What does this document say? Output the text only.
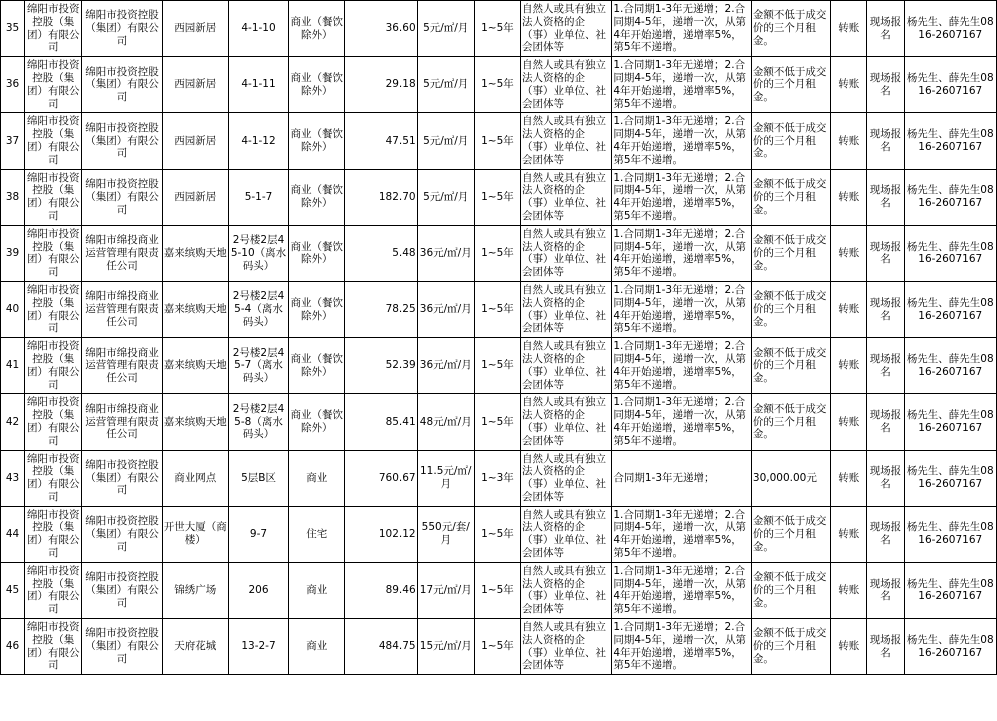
35	绵阳市投资控股（集团）有限公司	绵阳市投资控股（集团）有限公司	西园新居	4-1-10	商业（餐饮除外）	36.60	5元/㎡/月	1~5年	自然人或具有独立法人资格的企（事）业单位、社会团体等	1.合同期1-3年无递增；2.合同期4-5年，递增一次，从第4年开始递增，递增率5%，第5年不递增。	金额不低于成交价的三个月租金。	转账	现场报名	杨先生、薛先生0816-2607167
36	绵阳市投资控股（集团）有限公司	绵阳市投资控股（集团）有限公司	西园新居	4-1-11	商业（餐饮除外）	29.18	5元/㎡/月	1~5年	自然人或具有独立法人资格的企（事）业单位、社会团体等	1.合同期1-3年无递增；2.合同期4-5年，递增一次，从第4年开始递增，递增率5%，第5年不递增。	金额不低于成交价的三个月租金。	转账	现场报名	杨先生、薛先生0816-2607167
37	绵阳市投资控股（集团）有限公司	绵阳市投资控股（集团）有限公司	西园新居	4-1-12	商业（餐饮除外）	47.51	5元/㎡/月	1~5年	自然人或具有独立法人资格的企（事）业单位、社会团体等	1.合同期1-3年无递增；2.合同期4-5年，递增一次，从第4年开始递增，递增率5%，第5年不递增。	金额不低于成交价的三个月租金。	转账	现场报名	杨先生、薛先生0816-2607167
38	绵阳市投资控股（集团）有限公司	绵阳市投资控股（集团）有限公司	西园新居	5-1-7	商业（餐饮除外）	182.70	5元/㎡/月	1~5年	自然人或具有独立法人资格的企（事）业单位、社会团体等	1.合同期1-3年无递增；2.合同期4-5年，递增一次，从第4年开始递增，递增率5%，第5年不递增。	金额不低于成交价的三个月租金。	转账	现场报名	杨先生、薛先生0816-2607167
39	绵阳市投资控股（集团）有限公司	绵阳市绵投商业运营管理有限责任公司	嘉来缤购天地	2号楼2层45-10（离水码头）	商业（餐饮除外）	5.48	36元/㎡/月	1~5年	自然人或具有独立法人资格的企（事）业单位、社会团体等	1.合同期1-3年无递增；2.合同期4-5年，递增一次，从第4年开始递增，递增率5%，第5年不递增。	金额不低于成交价的三个月租金。	转账	现场报名	杨先生、薛先生0816-2607167
40	绵阳市投资控股（集团）有限公司	绵阳市绵投商业运营管理有限责任公司	嘉来缤购天地	2号楼2层45-4（离水码头）	商业（餐饮除外）	78.25	36元/㎡/月	1~5年	自然人或具有独立法人资格的企（事）业单位、社会团体等	1.合同期1-3年无递增；2.合同期4-5年，递增一次，从第4年开始递增，递增率5%，第5年不递增。	金额不低于成交价的三个月租金。	转账	现场报名	杨先生、薛先生0816-2607167
41	绵阳市投资控股（集团）有限公司	绵阳市绵投商业运营管理有限责任公司	嘉来缤购天地	2号楼2层45-7（离水码头）	商业（餐饮除外）	52.39	36元/㎡/月	1~5年	自然人或具有独立法人资格的企（事）业单位、社会团体等	1.合同期1-3年无递增；2.合同期4-5年，递增一次，从第4年开始递增，递增率5%，第5年不递增。	金额不低于成交价的三个月租金。	转账	现场报名	杨先生、薛先生0816-2607167
42	绵阳市投资控股（集团）有限公司	绵阳市绵投商业运营管理有限责任公司	嘉来缤购天地	2号楼2层45-8（离水码头）	商业（餐饮除外）	85.41	48元/㎡/月	1~5年	自然人或具有独立法人资格的企（事）业单位、社会团体等	1.合同期1-3年无递增；2.合同期4-5年，递增一次，从第4年开始递增，递增率5%，第5年不递增。	金额不低于成交价的三个月租金。	转账	现场报名	杨先生、薛先生0816-2607167
43	绵阳市投资控股（集团）有限公司	绵阳市投资控股（集团）有限公司	商业网点	5层B区	商业	760.67	11.5元/㎡/月	1~3年	自然人或具有独立法人资格的企（事）业单位、社会团体等	合同期1-3年无递增；	30,000.00元	转账	现场报名	杨先生、薛先生0816-2607167
44	绵阳市投资控股（集团）有限公司	绵阳市投资控股（集团）有限公司	开世大厦（商楼）	9-7	住宅	102.12	550元/套/月	1~5年	自然人或具有独立法人资格的企（事）业单位、社会团体等	1.合同期1-3年无递增；2.合同期4-5年，递增一次，从第4年开始递增，递增率5%，第5年不递增。	金额不低于成交价的三个月租金。	转账	现场报名	杨先生、薛先生0816-2607167
45	绵阳市投资控股（集团）有限公司	绵阳市投资控股（集团）有限公司	锦绣广场	206	商业	89.46	17元/㎡/月	1~5年	自然人或具有独立法人资格的企（事）业单位、社会团体等	1.合同期1-3年无递增；2.合同期4-5年，递增一次，从第4年开始递增，递增率5%，第5年不递增。	金额不低于成交价的三个月租金。	转账	现场报名	杨先生、薛先生0816-2607167
46	绵阳市投资控股（集团）有限公司	绵阳市投资控股（集团）有限公司	天府花城	13-2-7	商业	484.75	15元/㎡/月	1~5年	自然人或具有独立法人资格的企（事）业单位、社会团体等	1.合同期1-3年无递增；2.合同期4-5年，递增一次，从第4年开始递增，递增率5%，第5年不递增。	金额不低于成交价的三个月租金。	转账	现场报名	杨先生、薛先生0816-2607167
